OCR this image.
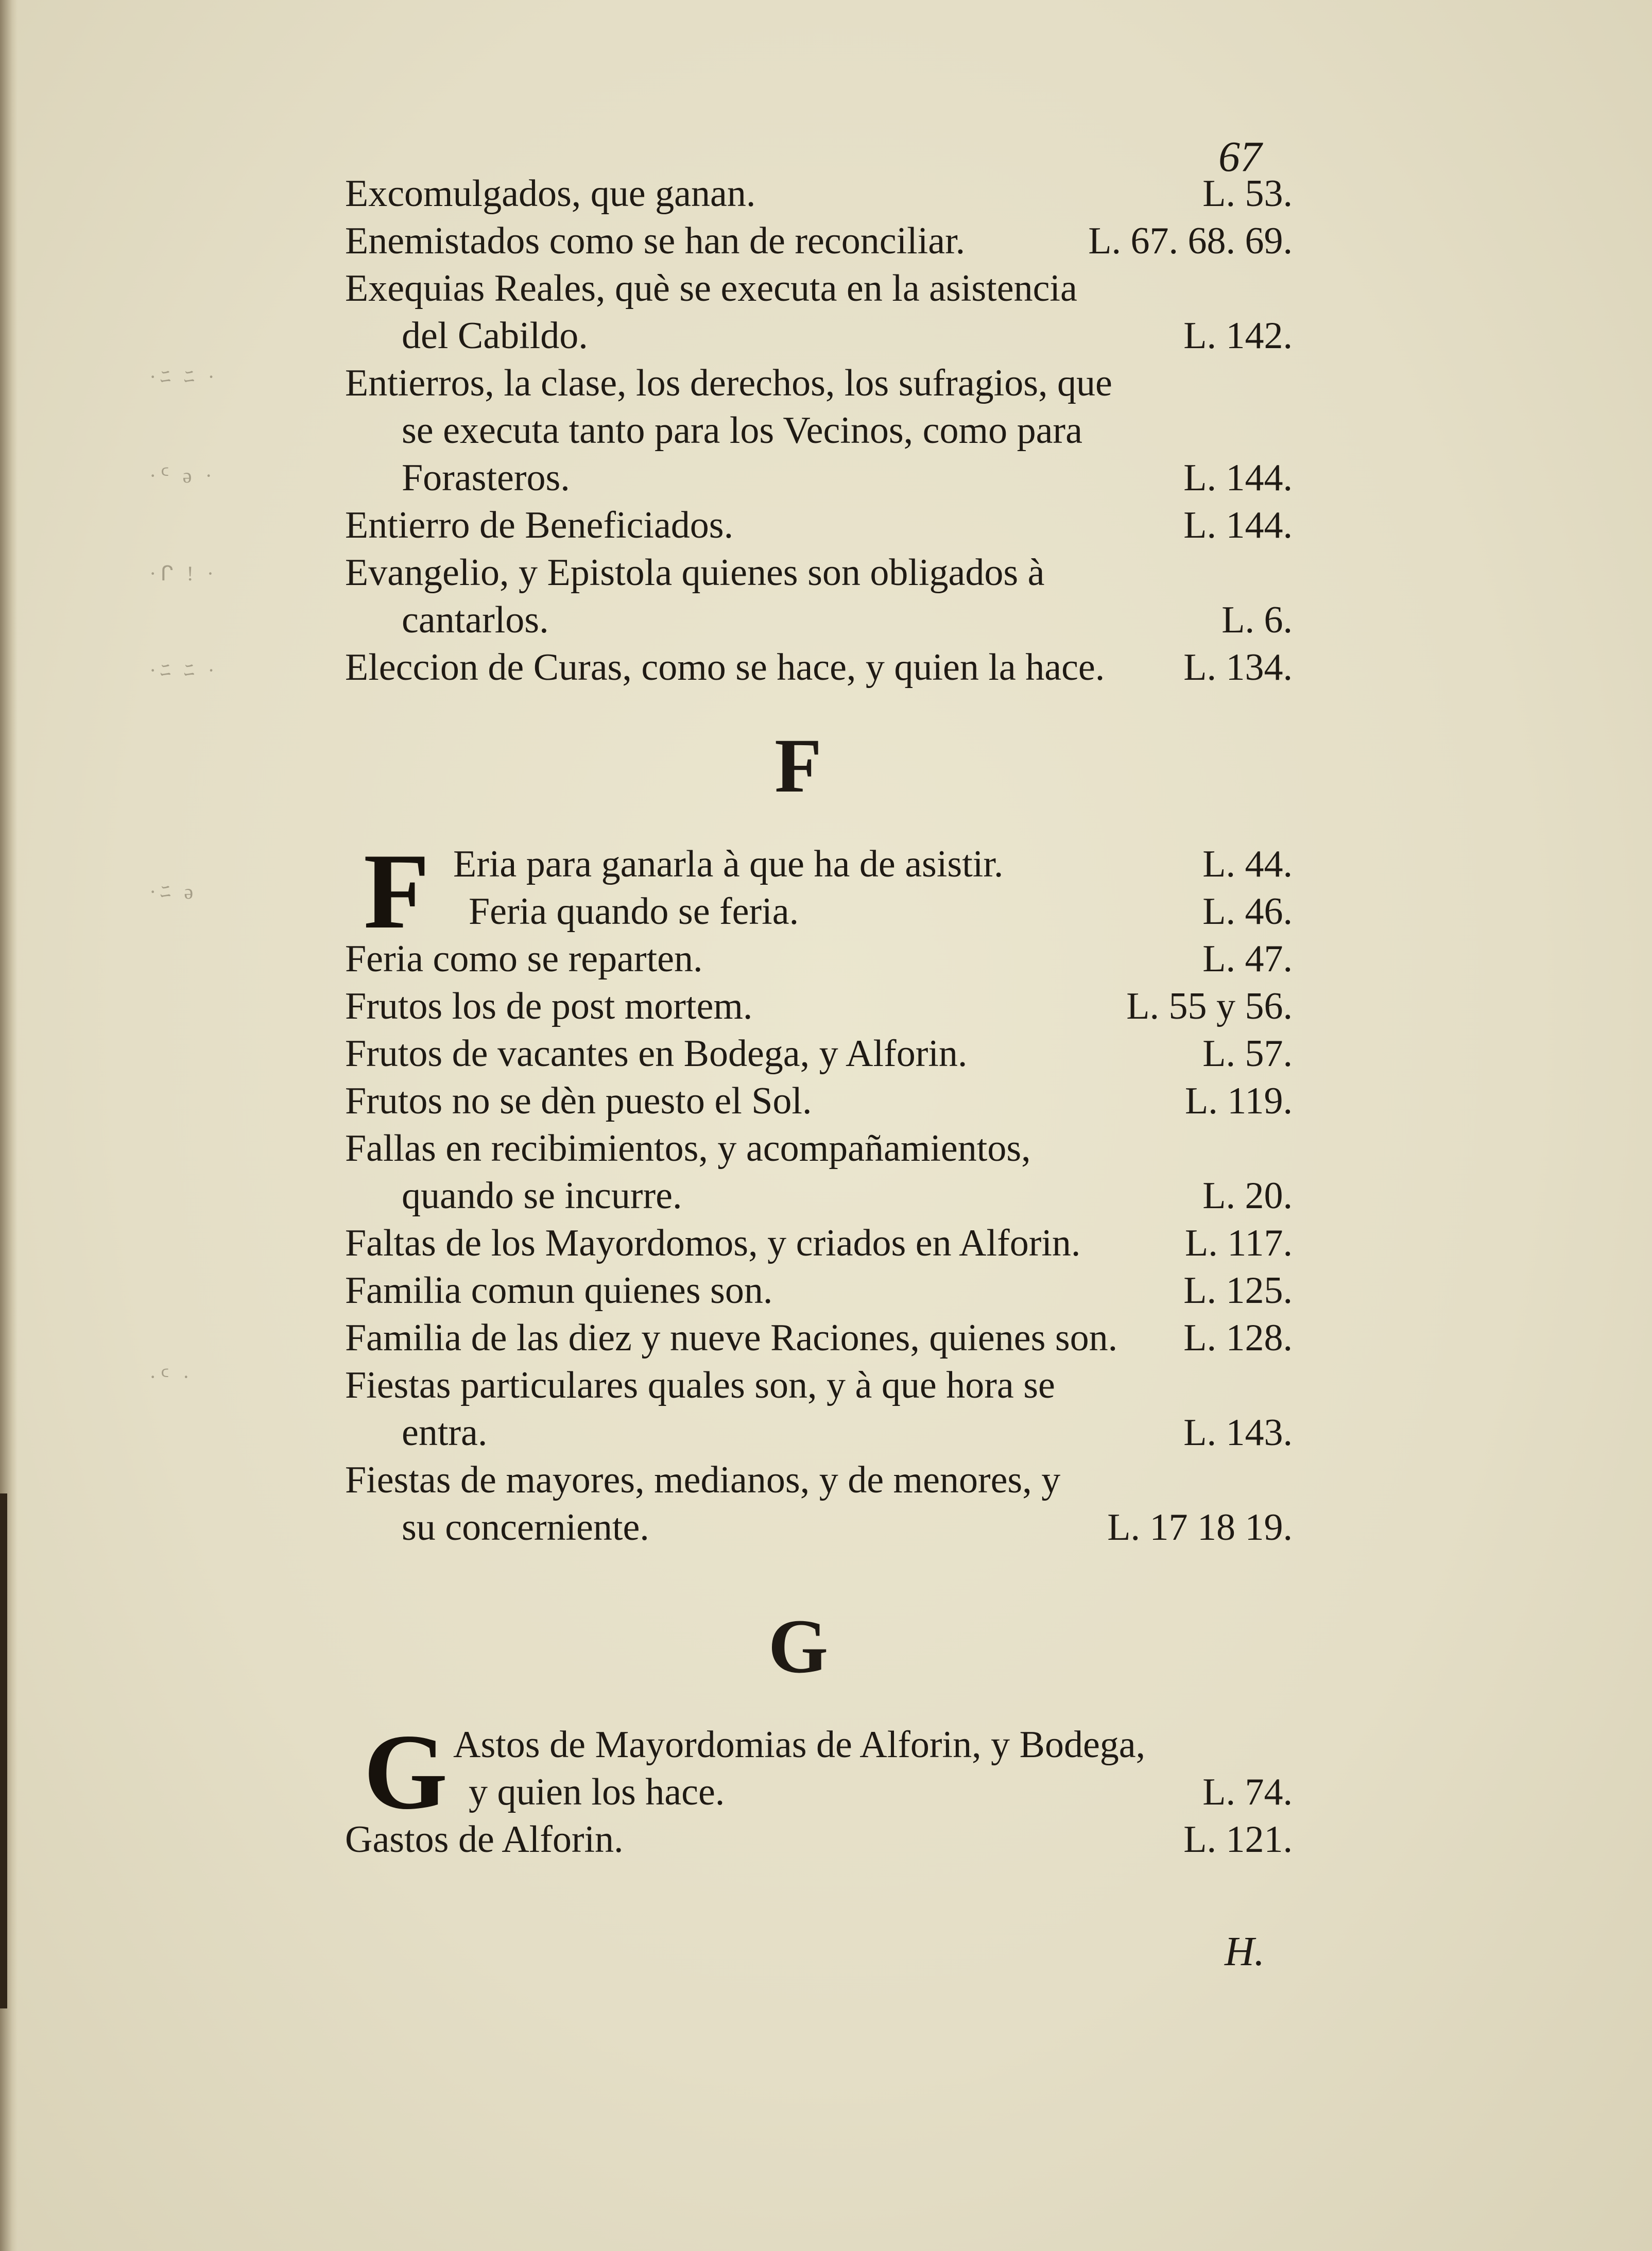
·ﾆ ﾆ ·
·ᑦ ǝ ·
·ᒋ ! ·
·ﾆ ﾆ ·
·ﾆ ǝ
·ᑦ ·
67
Excomulgados, que ganan.	L. 53.
Enemistados como se han de reconciliar.	L. 67. 68. 69.
Exequias Reales, què se executa en la asistencia
del Cabildo.	L. 142.
Entierros, la clase, los derechos, los sufragios, que
se executa tanto para los Vecinos, como para
Forasteros.	L. 144.
Entierro de Beneficiados.	L. 144.
Evangelio, y Epistola quienes son obligados à
cantarlos.	L. 6.
Eleccion de Curas, como se hace, y quien la hace. L. 134.
F
F Eria para ganarla à que ha de asistir.	L. 44.
Feria quando se feria.	L. 46.
Feria como se reparten.	L. 47.
Frutos los de post mortem.	L. 55 y 56.
Frutos de vacantes en Bodega, y Alforin.	L. 57.
Frutos no se dèn puesto el Sol.	L. 119.
Fallas en recibimientos, y acompañamientos,
quando se incurre.	L. 20.
Faltas de los Mayordomos, y criados en Alforin.	L. 117.
Familia comun quienes son.	L. 125.
Familia de las diez y nueve Raciones, quienes son. L. 128.
Fiestas particulares quales son, y à que hora se
entra.	L. 143.
Fiestas de mayores, medianos, y de menores, y
su concerniente.	L. 17 18 19.
G
G Astos de Mayordomias de Alforin, y Bodega,
y quien los hace.	L. 74.
Gastos de Alforin.	L. 121.
H.
